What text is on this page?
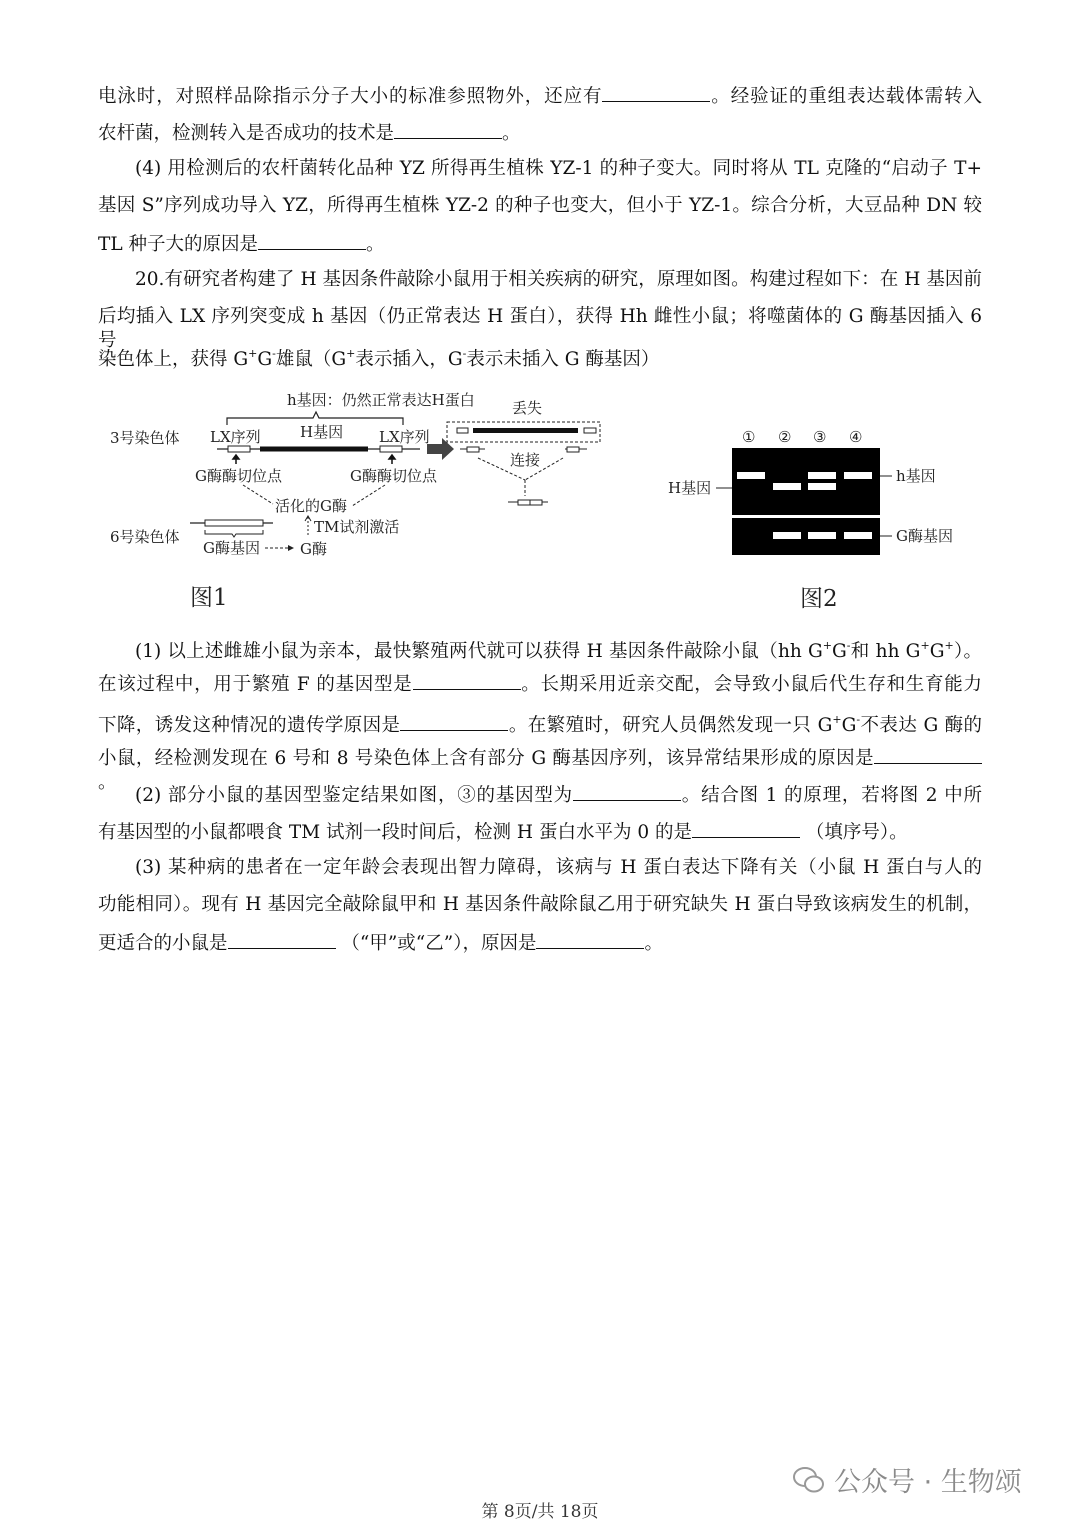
电泳时，对照样品除指示分子大小的标准参照物外，还应有	。经验证的重组表达载体需转入
农杆菌，检测转入是否成功的技术是	。
(4) 用检测后的农杆菌转化品种 YZ 所得再生植株 YZ-1 的种子变大。同时将从 TL 克隆的“启动子 T+
基因 S”序列成功导入 YZ，所得再生植株 YZ-2 的种子也变大，但小于 YZ-1。综合分析，大豆品种 DN 较
TL 种子大的原因是	。
20.有研究者构建了 H 基因条件敲除小鼠用于相关疾病的研究，原理如图。构建过程如下：在 H 基因前
后均插入 LX 序列突变成 h 基因（仍正常表达 H 蛋白），获得 Hh 雌性小鼠；将噬菌体的 G 酶基因插入 6 号
染色体上，获得 G+G-雄鼠（G+表示插入，G-表示未插入 G 酶基因）
(1) 以上述雌雄小鼠为亲本，最快繁殖两代就可以获得 H 基因条件敲除小鼠（hh G+G-和 hh G+G+）。
在该过程中，用于繁殖 F 的基因型是	。长期采用近亲交配，会导致小鼠后代生存和生育能力
下降，诱发这种情况的遗传学原因是	。在繁殖时，研究人员偶然发现一只 G+G-不表达 G 酶的
小鼠，经检测发现在 6 号和 8 号染色体上含有部分 G 酶基因序列，该异常结果形成的原因是。
(2) 部分小鼠的基因型鉴定结果如图，③的基因型为	。结合图 1 的原理，若将图 2 中所
有基因型的小鼠都喂食 TM 试剂一段时间后，检测 H 蛋白水平为 0 的是	（填序号）。
(3) 某种病的患者在一定年龄会表现出智力障碍，该病与 H 蛋白表达下降有关（小鼠 H 蛋白与人的
功能相同）。现有 H 基因完全敲除鼠甲和 H 基因条件敲除鼠乙用于研究缺失 H 蛋白导致该病发生的机制，
更适合的小鼠是	（“甲”或“乙”），原因是	。
h基因：仍然正常表达H蛋白
3号染色体 LX序列	H基因 LX序列
G酶酶切位点	G酶酶切位点
活化的G酶
TM试剂激活
6号染色体
G酶基因	G酶
丢失
连接
图1
① ② ③ ④
H基因
h基因
G酶基因
图2
公众号 · 生物颂
第 8页/共 18页
